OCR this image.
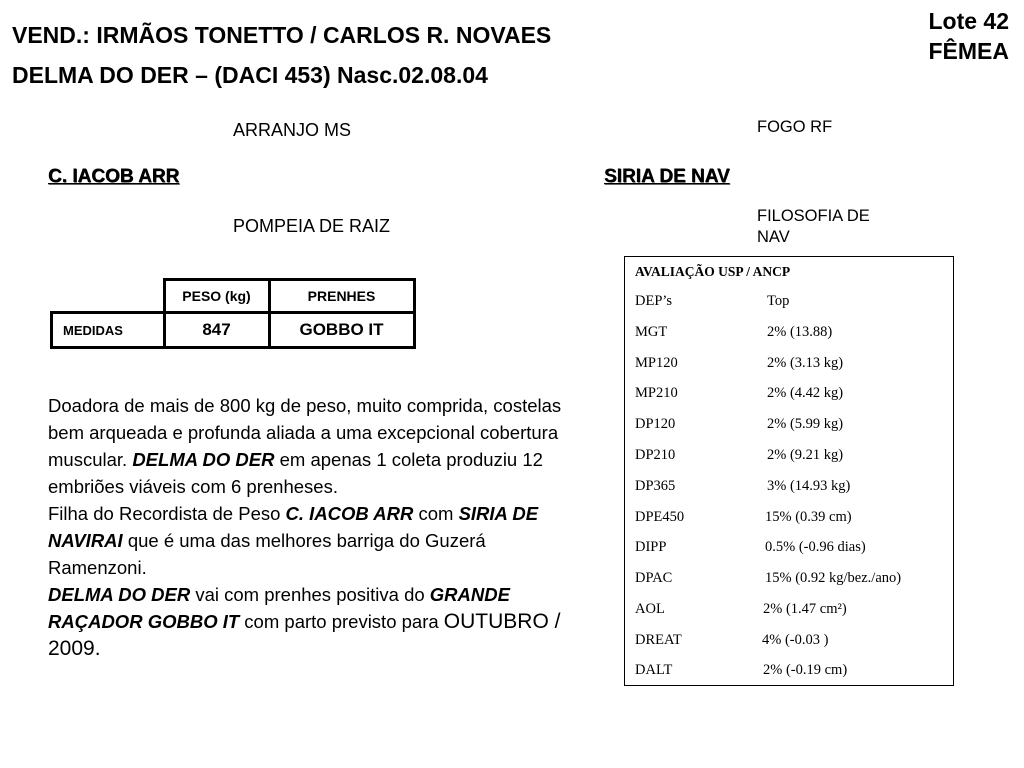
VEND.: IRMÃOS TONETTO / CARLOS R. NOVAES
DELMA DO DER – (DACI 453) Nasc.02.08.04
Lote 42
FÊMEA
ARRANJO MS
C. IACOB ARR
POMPEIA DE RAIZ
FOGO RF
SIRIA DE NAV
FILOSOFIA DE
NAV
	PESO (kg)	PRENHES
MEDIDAS	847	GOBBO IT
Doadora de mais de 800 kg de peso, muito comprida, costelas bem arqueada e profunda aliada a uma excepcional cobertura muscular. DELMA DO DER em apenas 1 coleta produziu 12 embriões viáveis com 6 prenheses.
Filha do Recordista de Peso C. IACOB ARR com SIRIA DE NAVIRAI que é uma das melhores barriga do Guzerá Ramenzoni.
DELMA DO DER vai com prenhes positiva do GRANDE RAÇADOR GOBBO IT com parto previsto para OUTUBRO / 2009.
AVALIAÇÃO USP / ANCP
DEP’s	Top
MGT	2% (13.88)
MP120	2% (3.13 kg)
MP210	2% (4.42 kg)
DP120	2% (5.99 kg)
DP210	2% (9.21 kg)
DP365	3% (14.93 kg)
DPE450	15% (0.39 cm)
DIPP	0.5% (-0.96 dias)
DPAC	15% (0.92 kg/bez./ano)
AOL	2% (1.47 cm²)
DREAT	4% (-0.03 )
DALT	2% (-0.19 cm)
